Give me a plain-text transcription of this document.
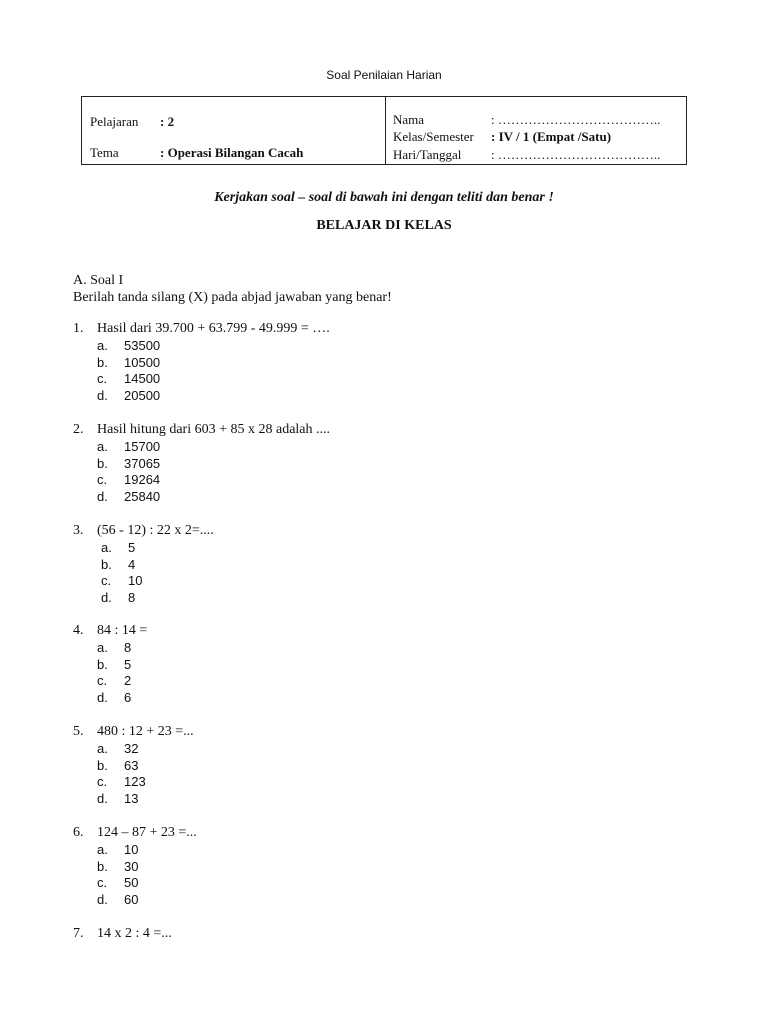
Soal Penilaian Harian
Pelajaran : 2
Tema	: Operasi Bilangan Cacah

Nama	: ………………………………..
Kelas/Semester : IV / 1 (Empat /Satu)
Hari/Tanggal : ………………………………..
Kerjakan soal – soal di bawah ini dengan teliti dan benar !
BELAJAR DI KELAS
A. Soal I
Berilah tanda silang (X) pada abjad jawaban yang benar!
1. Hasil dari 39.700 + 63.799 - 49.999 = ….
a. 53500
b. 10500
c. 14500
d. 20500
2. Hasil hitung dari 603 + 85 x 28 adalah ....
a. 15700
b. 37065
c. 19264
d. 25840
3. (56 - 12) : 22 x 2=....
a. 5
b. 4
c. 10
d. 8
4. 84 : 14 =
a. 8
b. 5
c. 2
d. 6
5. 480 : 12 + 23 =...
a. 32
b. 63
c. 123
d. 13
6. 124 – 87 + 23 =...
a. 10
b. 30
c. 50
d. 60
7. 14 x 2 : 4 =...
